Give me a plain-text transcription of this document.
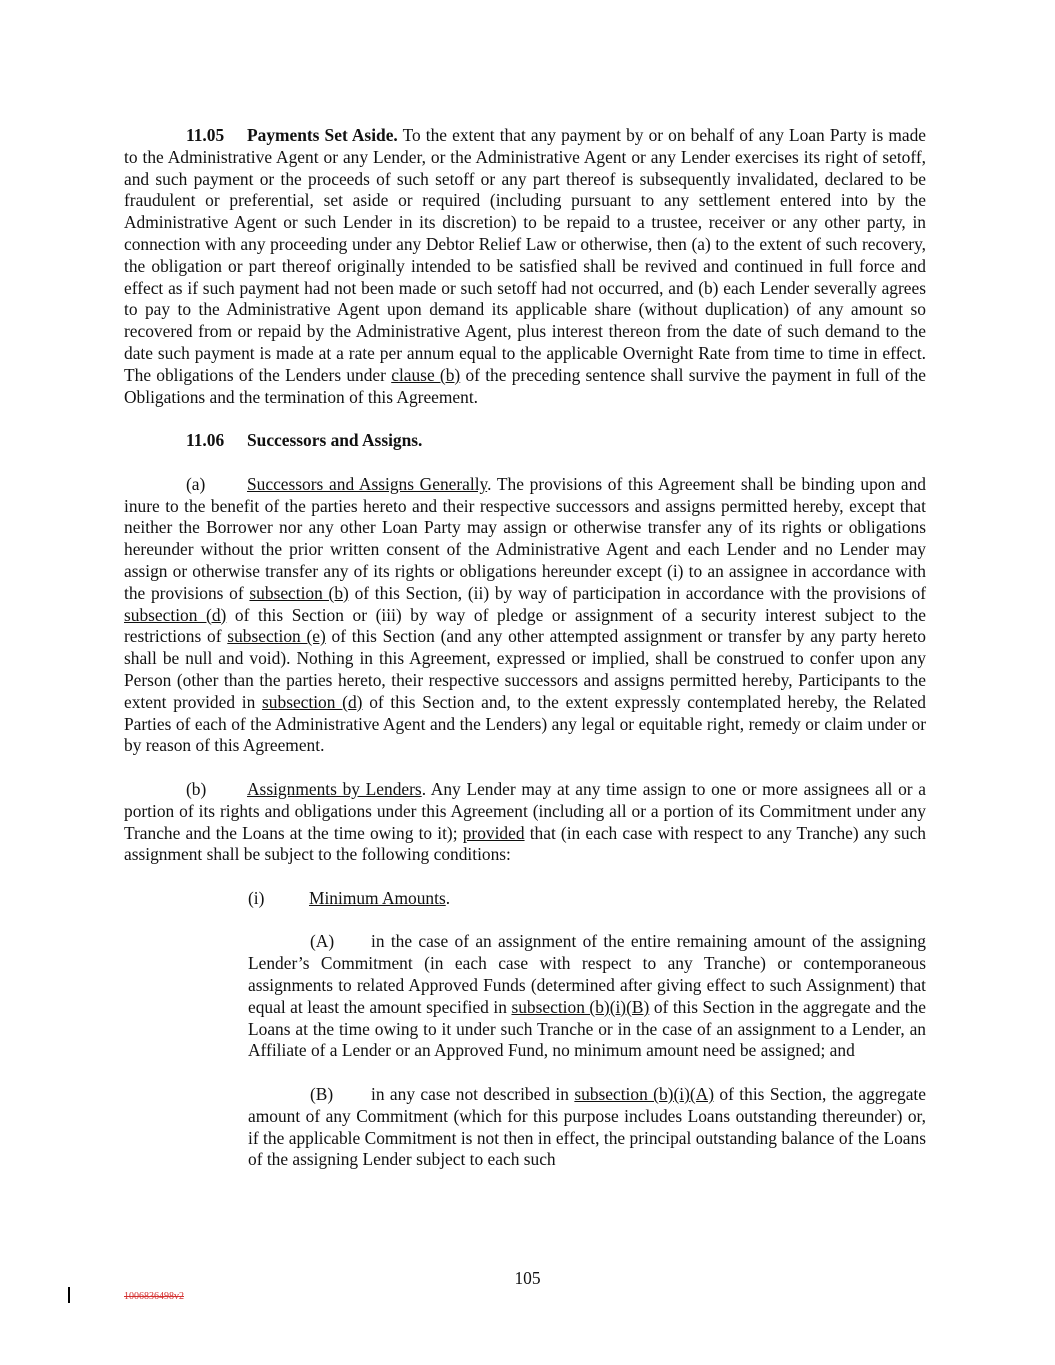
11.05 Payments Set Aside. To the extent that any payment by or on behalf of any Loan Party is made to the Administrative Agent or any Lender, or the Administrative Agent or any Lender exercises its right of setoff, and such payment or the proceeds of such setoff or any part thereof is subsequently invalidated, declared to be fraudulent or preferential, set aside or required (including pursuant to any settlement entered into by the Administrative Agent or such Lender in its discretion) to be repaid to a trustee, receiver or any other party, in connection with any proceeding under any Debtor Relief Law or otherwise, then (a) to the extent of such recovery, the obligation or part thereof originally intended to be satisfied shall be revived and continued in full force and effect as if such payment had not been made or such setoff had not occurred, and (b) each Lender severally agrees to pay to the Administrative Agent upon demand its applicable share (without duplication) of any amount so recovered from or repaid by the Administrative Agent, plus interest thereon from the date of such demand to the date such payment is made at a rate per annum equal to the applicable Overnight Rate from time to time in effect. The obligations of the Lenders under clause (b) of the preceding sentence shall survive the payment in full of the Obligations and the termination of this Agreement.

11.06 Successors and Assigns.

(a) Successors and Assigns Generally. The provisions of this Agreement shall be binding upon and inure to the benefit of the parties hereto and their respective successors and assigns permitted hereby, except that neither the Borrower nor any other Loan Party may assign or otherwise transfer any of its rights or obligations hereunder without the prior written consent of the Administrative Agent and each Lender and no Lender may assign or otherwise transfer any of its rights or obligations hereunder except (i) to an assignee in accordance with the provisions of subsection (b) of this Section, (ii) by way of participation in accordance with the provisions of subsection (d) of this Section or (iii) by way of pledge or assignment of a security interest subject to the restrictions of subsection (e) of this Section (and any other attempted assignment or transfer by any party hereto shall be null and void). Nothing in this Agreement, expressed or implied, shall be construed to confer upon any Person (other than the parties hereto, their respective successors and assigns permitted hereby, Participants to the extent provided in subsection (d) of this Section and, to the extent expressly contemplated hereby, the Related Parties of each of the Administrative Agent and the Lenders) any legal or equitable right, remedy or claim under or by reason of this Agreement.

(b) Assignments by Lenders. Any Lender may at any time assign to one or more assignees all or a portion of its rights and obligations under this Agreement (including all or a portion of its Commitment under any Tranche and the Loans at the time owing to it); provided that (in each case with respect to any Tranche) any such assignment shall be subject to the following conditions:

(i)	Minimum Amounts.

(A) in the case of an assignment of the entire remaining amount of the assigning Lender’s Commitment (in each case with respect to any Tranche) or contemporaneous assignments to related Approved Funds (determined after giving effect to such Assignment) that equal at least the amount specified in subsection (b)(i)(B) of this Section in the aggregate and the Loans at the time owing to it under such Tranche or in the case of an assignment to a Lender, an Affiliate of a Lender or an Approved Fund, no minimum amount need be assigned; and

(B) in any case not described in subsection (b)(i)(A) of this Section, the aggregate amount of any Commitment (which for this purpose includes Loans outstanding thereunder) or, if the applicable Commitment is not then in effect, the principal outstanding balance of the Loans of the assigning Lender subject to each such

105
1006836498v2
